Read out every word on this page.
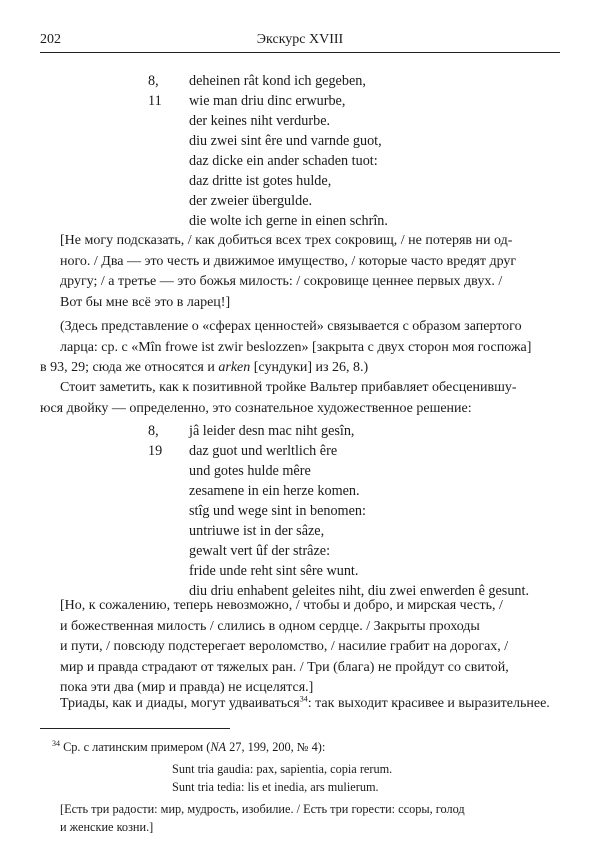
202	Экскурс XVIII
8, 11
deheinen rât kond ich gegeben,
wie man driu dinc erwurbe,
der keines niht verdurbe.
diu zwei sint êre und varnde guot,
daz dicke ein ander schaden tuot:
daz dritte ist gotes hulde,
der zweier übergulde.
die wolte ich gerne in einen schrîn.
[Не могу подсказать, / как добиться всех трех сокровищ, / не потеряв ни од-
ного. / Два — это честь и движимое имущество, / которые часто вредят друг
другу; / а третье — это божья милость: / сокровище ценнее первых двух. /
Вот бы мне всё это в ларец!]
(Здесь представление о «сферах ценностей» связывается с образом запертого
ларца: ср. с «Mîn frowe ist zwir beslozzen» [закрыта с двух сторон моя госпожа]
в 93, 29; сюда же относятся и arken [сундуки] из 26, 8.)
Стоит заметить, как к позитивной тройке Вальтер прибавляет обесценившу-
юся двойку — определенно, это сознательное художественное решение:
8, 19
jâ leider desn mac niht gesîn,
daz guot und werltlich êre
und gotes hulde mêre
zesamene in ein herze komen.
stîg und wege sint in benomen:
untriuwe ist in der sâze,
gewalt vert ûf der strâze:
fride unde reht sint sêre wunt.
diu driu enhabent geleites niht, diu zwei enwerden ê gesunt.
[Но, к сожалению, теперь невозможно, / чтобы и добро, и мирская честь, /
и божественная милость / слились в одном сердце. / Закрыты проходы
и пути, / повсюду подстерегает вероломство, / насилие грабит на дорогах, /
мир и правда страдают от тяжелых ран. / Три (блага) не пройдут со свитой,
пока эти два (мир и правда) не исцелятся.]
Триады, как и диады, могут удваиваться$^{34}$: так выходит красивее и выразительнее.
$^{34}$ Ср. с латинским примером (NA 27, 199, 200, № 4):
Sunt tria gaudia: pax, sapientia, copia rerum.
Sunt tria tedia: lis et inedia, ars mulierum.
[Есть три радости: мир, мудрость, изобилие. / Есть три горести: ссоры, голод
и женские козни.]
